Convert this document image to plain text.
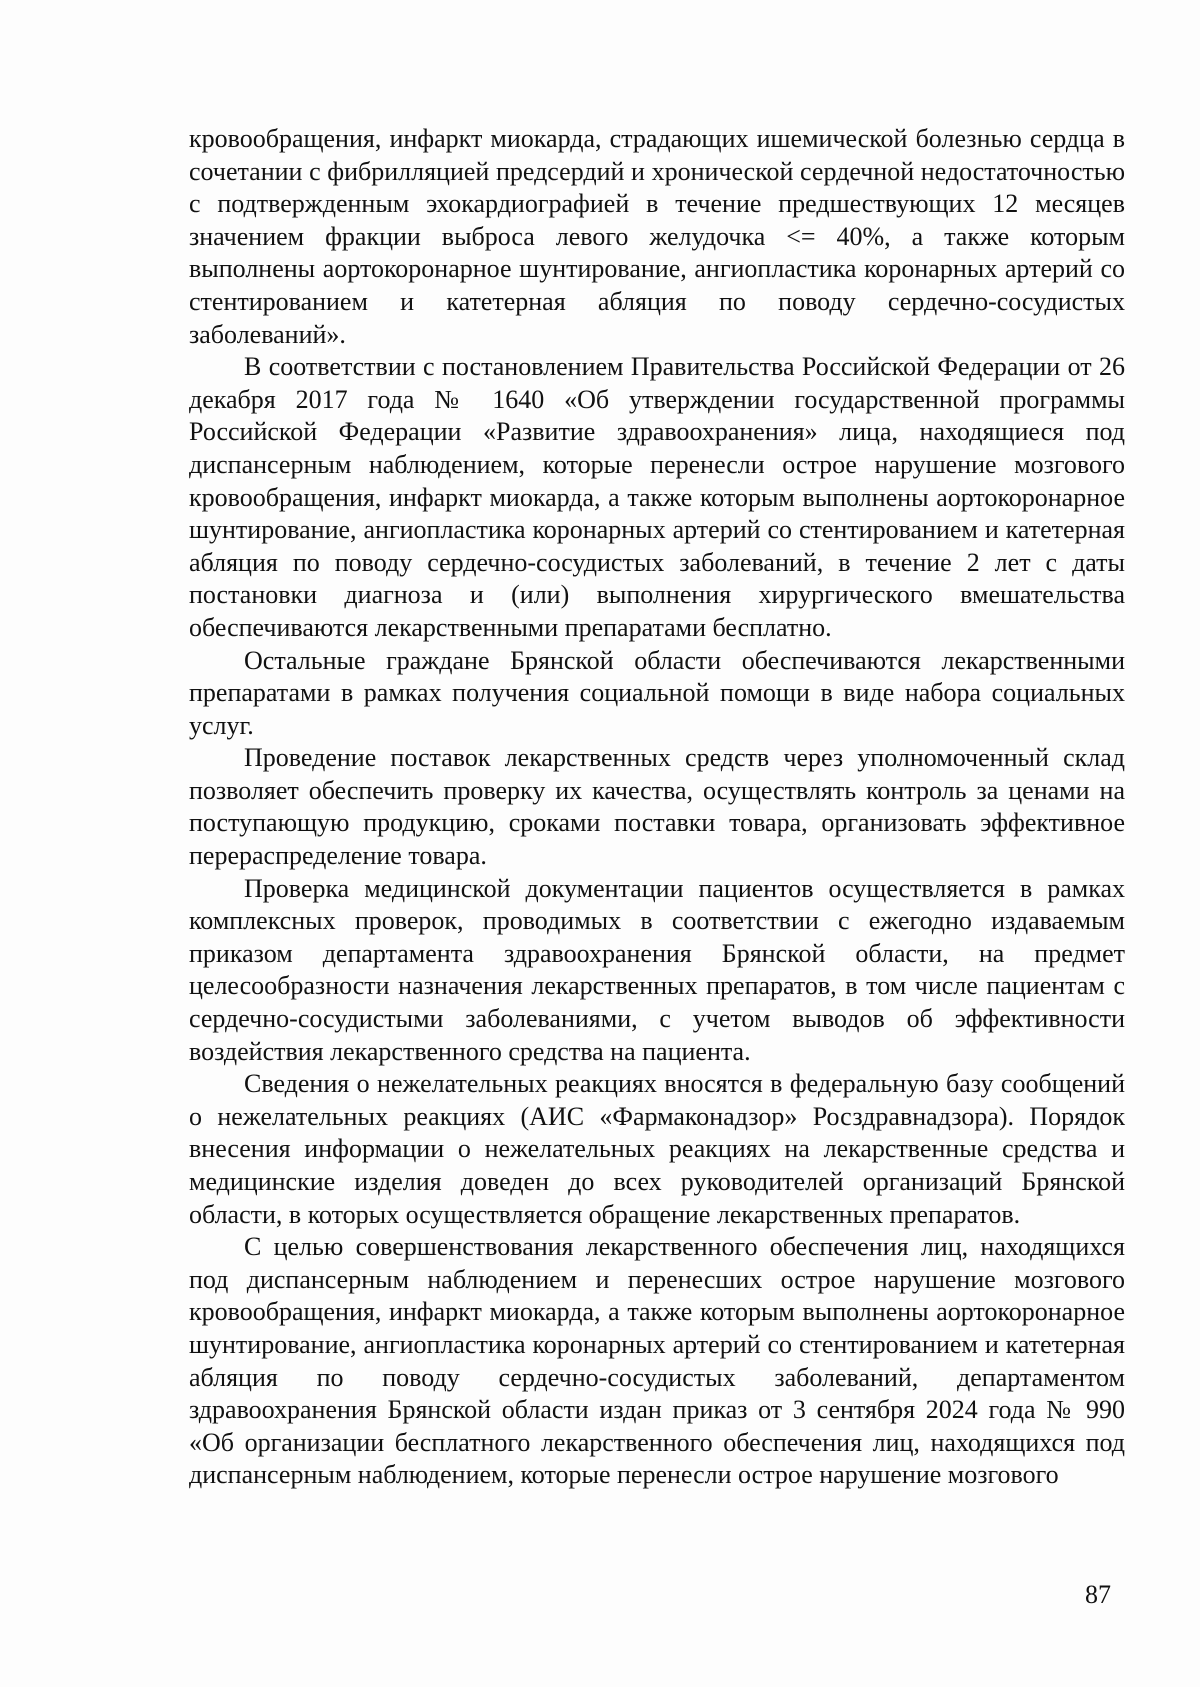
кровообращения, инфаркт миокарда, страдающих ишемической болезнью сердца в сочетании с фибрилляцией предсердий и хронической сердечной недостаточностью с подтвержденным эхокардиографией в течение предшествующих 12 месяцев значением фракции выброса левого желудочка <= 40%, а также которым выполнены аортокоронарное шунтирование, ангиопластика коронарных артерий со стентированием и катетерная абляция по поводу сердечно-сосудистых заболеваний».

В соответствии с постановлением Правительства Российской Федерации от 26 декабря 2017 года № 1640 «Об утверждении государственной программы Российской Федерации «Развитие здравоохранения» лица, находящиеся под диспансерным наблюдением, которые перенесли острое нарушение мозгового кровообращения, инфаркт миокарда, а также которым выполнены аортокоронарное шунтирование, ангиопластика коронарных артерий со стентированием и катетерная абляция по поводу сердечно-сосудистых заболеваний, в течение 2 лет с даты постановки диагноза и (или) выполнения хирургического вмешательства обеспечиваются лекарственными препаратами бесплатно.

Остальные граждане Брянской области обеспечиваются лекарственными препаратами в рамках получения социальной помощи в виде набора социальных услуг.

Проведение поставок лекарственных средств через уполномоченный склад позволяет обеспечить проверку их качества, осуществлять контроль за ценами на поступающую продукцию, сроками поставки товара, организовать эффективное перераспределение товара.

Проверка медицинской документации пациентов осуществляется в рамках комплексных проверок, проводимых в соответствии с ежегодно издаваемым приказом департамента здравоохранения Брянской области, на предмет целесообразности назначения лекарственных препаратов, в том числе пациентам с сердечно-сосудистыми заболеваниями, с учетом выводов об эффективности воздействия лекарственного средства на пациента.

Сведения о нежелательных реакциях вносятся в федеральную базу сообщений о нежелательных реакциях (АИС «Фармаконадзор» Росздравнадзора). Порядок внесения информации о нежелательных реакциях на лекарственные средства и медицинские изделия доведен до всех руководителей организаций Брянской области, в которых осуществляется обращение лекарственных препаратов.

С целью совершенствования лекарственного обеспечения лиц, находящихся под диспансерным наблюдением и перенесших острое нарушение мозгового кровообращения, инфаркт миокарда, а также которым выполнены аортокоронарное шунтирование, ангиопластика коронарных артерий со стентированием и катетерная абляция по поводу сердечно-сосудистых заболеваний, департаментом здравоохранения Брянской области издан приказ от 3 сентября 2024 года № 990 «Об организации бесплатного лекарственного обеспечения лиц, находящихся под диспансерным наблюдением, которые перенесли острое нарушение мозгового

87
